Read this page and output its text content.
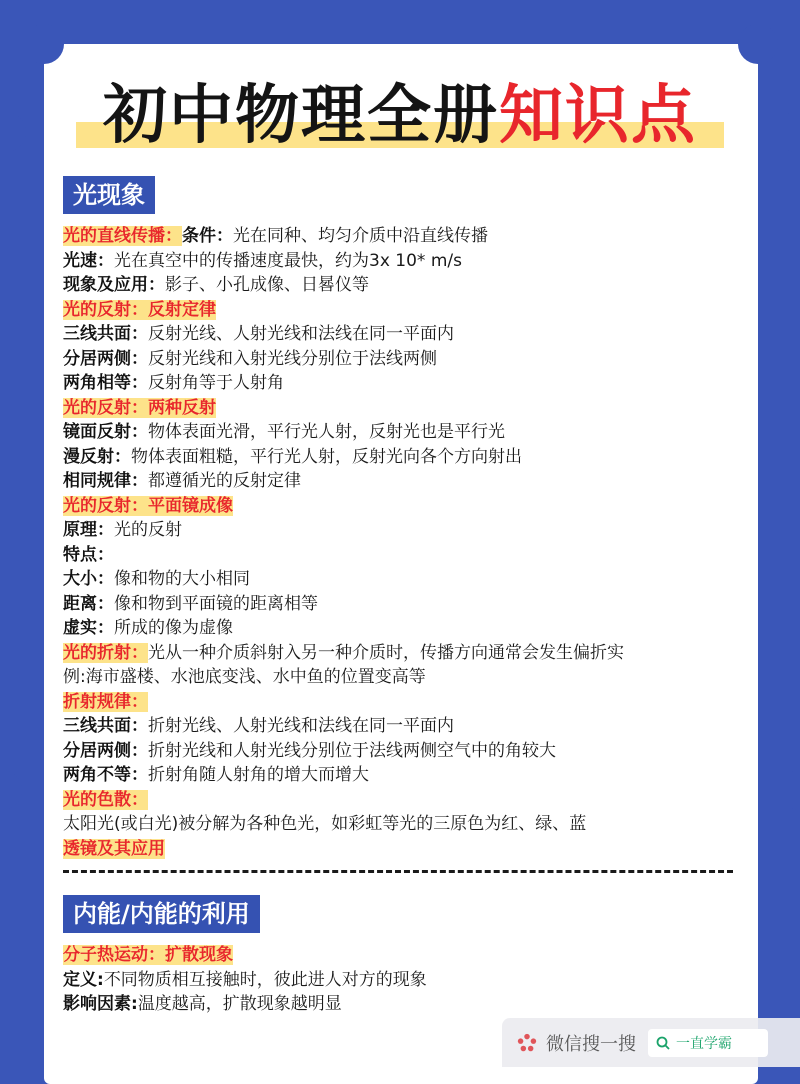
初中物理全册知识点
光现象
光的直线传播：条件：光在同种、均匀介质中沿直线传播
光速：光在真空中的传播速度最快，约为3x 10* m/s
现象及应用：影子、小孔成像、日晷仪等
光的反射：反射定律
三线共面：反射光线、人射光线和法线在同一平面内
分居两侧：反射光线和入射光线分别位于法线两侧
两角相等：反射角等于人射角
光的反射：两种反射
镜面反射：物体表面光滑，平行光人射，反射光也是平行光
漫反射：物体表面粗糙，平行光人射，反射光向各个方向射出
相同规律：都遵循光的反射定律
光的反射：平面镜成像
原理：光的反射
特点：
大小：像和物的大小相同
距离：像和物到平面镜的距离相等
虚实：所成的像为虚像
光的折射：光从一种介质斜射入另一种介质时，传播方向通常会发生偏折实
例:海市盛楼、水池底变浅、水中鱼的位置变高等
折射规律：
三线共面：折射光线、人射光线和法线在同一平面内
分居两侧：折射光线和人射光线分别位于法线两侧空气中的角较大
两角不等：折射角随人射角的增大而增大
光的色散：
太阳光(或白光)被分解为各种色光，如彩虹等光的三原色为红、绿、蓝
透镜及其应用
内能/内能的利用
分子热运动：扩散现象
定义:不同物质相互接触时，彼此进人对方的现象
影响因素:温度越高，扩散现象越明显
微信搜一搜	一直学霸
